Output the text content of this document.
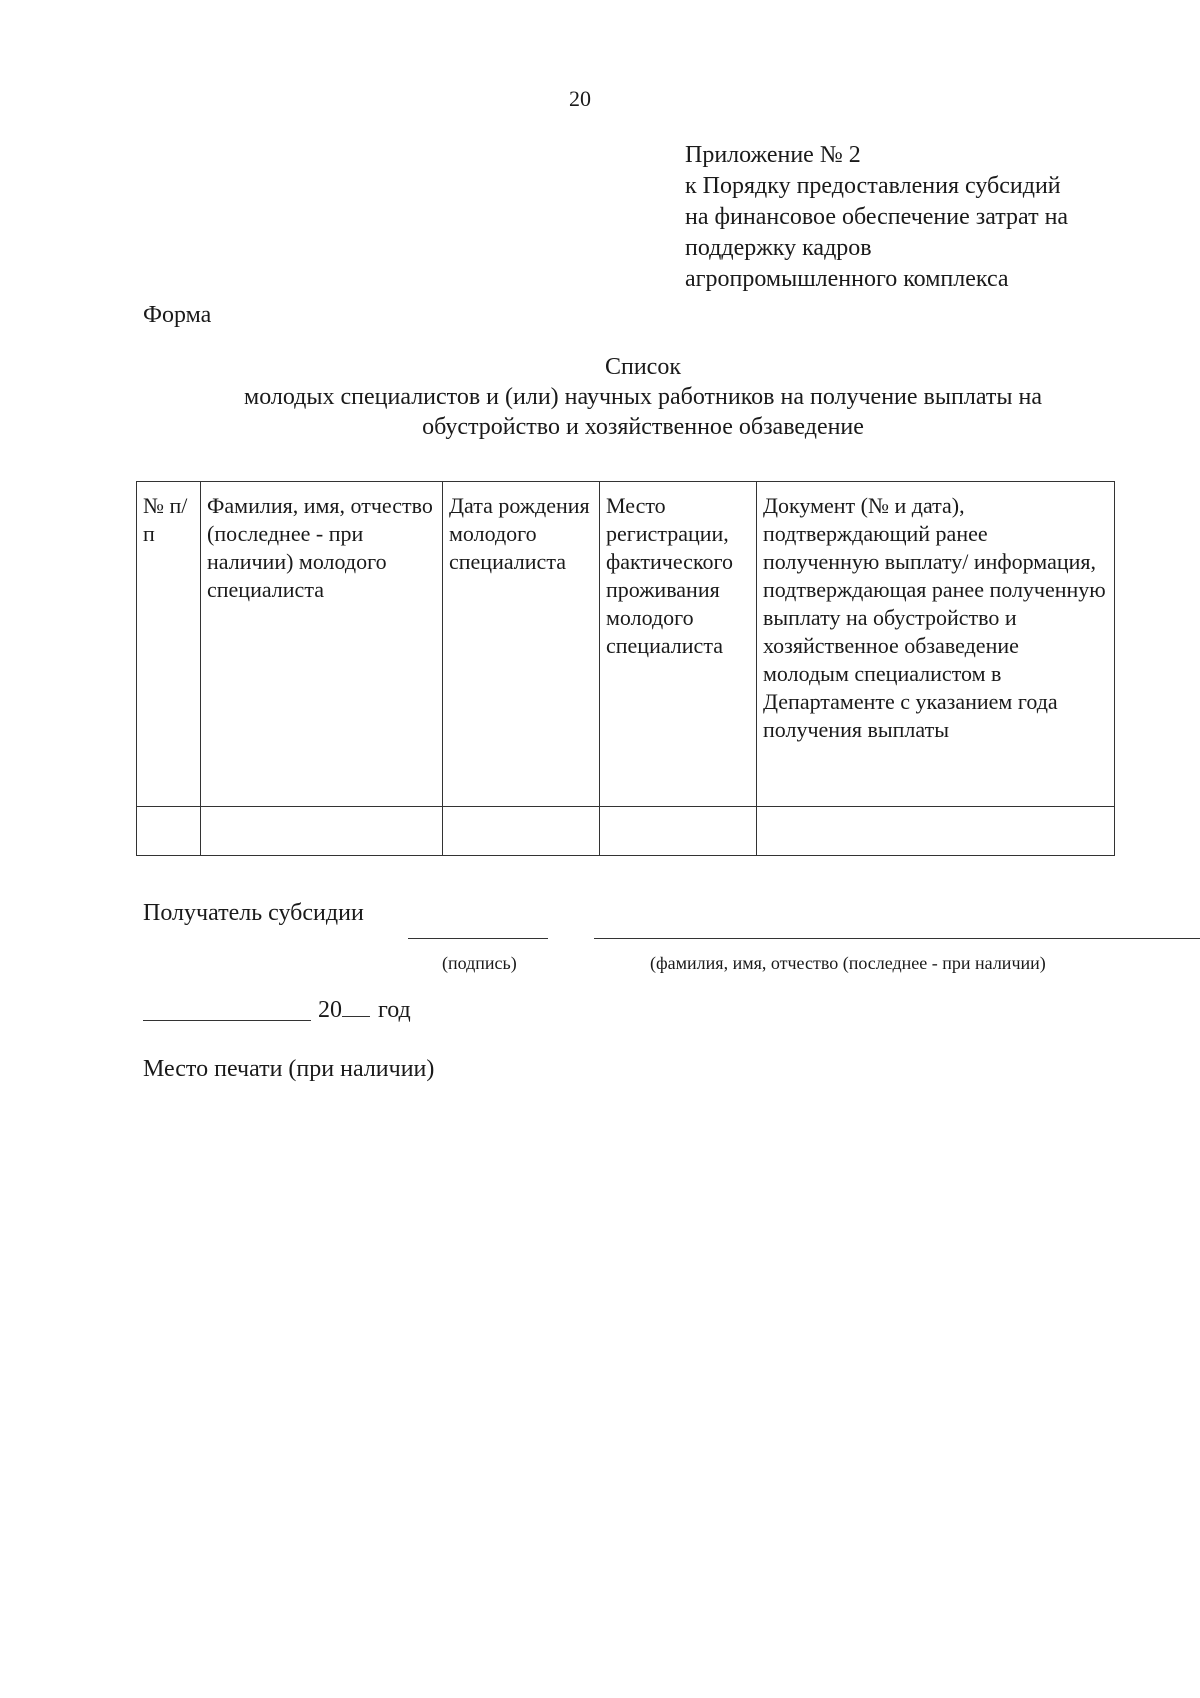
20
Приложение № 2
к Порядку предоставления субсидий
на финансовое обеспечение затрат на
поддержку кадров
агропромышленного комплекса
Форма
Список
молодых специалистов и (или) научных работников на получение выплаты на
обустройство и хозяйственное обзаведение
№ п/п	Фамилия, имя, отчество (последнее - при наличии) молодого специалиста	Дата рождения молодого специалиста	Место регистрации, фактического проживания молодого специалиста	Документ (№ и дата), подтверждающий ранее полученную выплату/ информация, подтверждающая ранее полученную выплату на обустройство и хозяйственное обзаведение молодым специалистом в Департаменте с указанием года получения выплаты

Получатель субсидии
(подпись)	(фамилия, имя, отчество (последнее - при наличии)
20 год
Место печати (при наличии)
